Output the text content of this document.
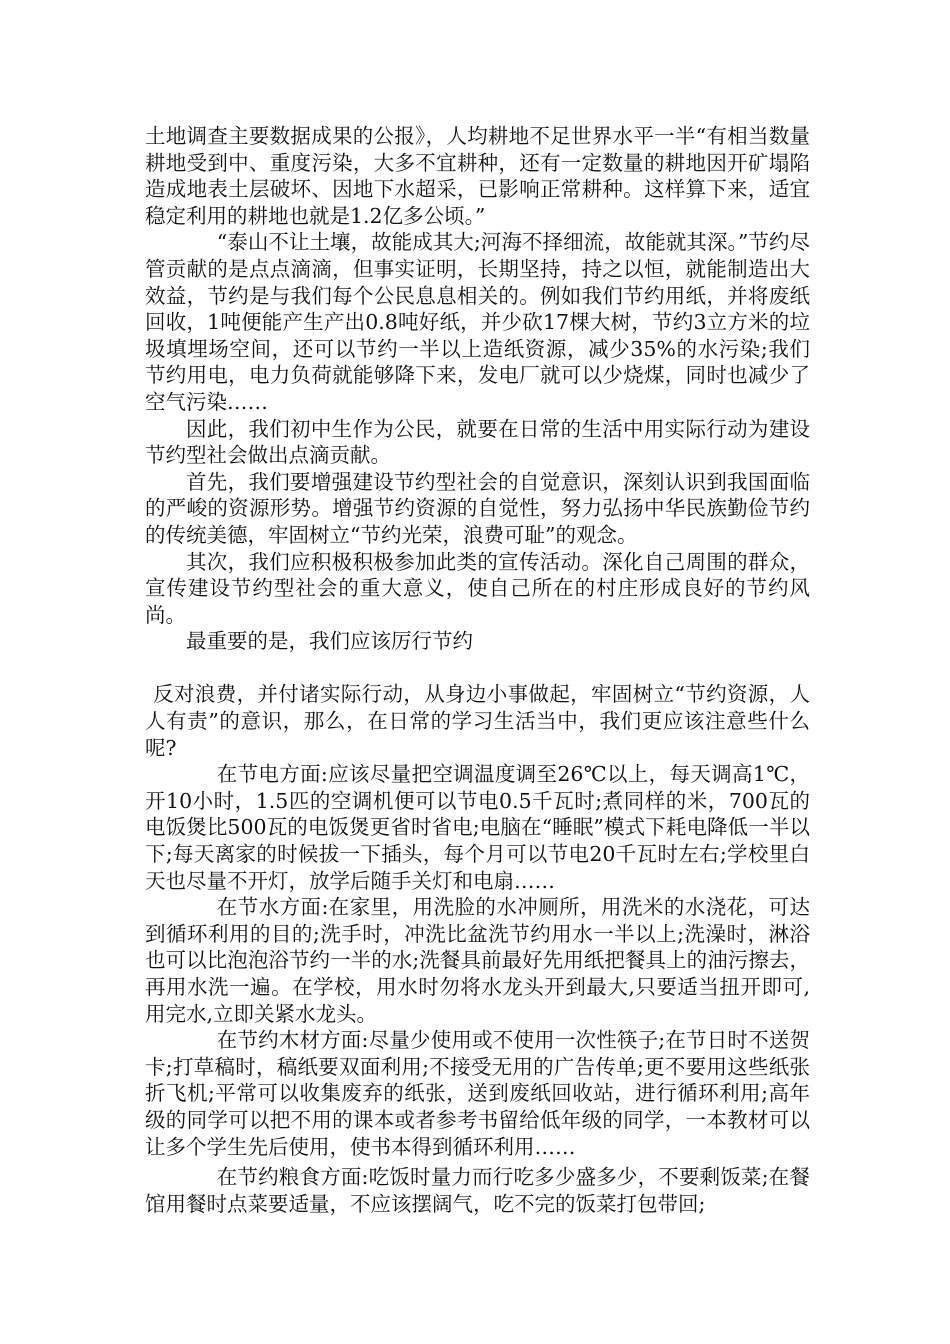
土地调查主要数据成果的公报》，人均耕地不足世界水平一半“有相当数量耕地受到中、重度污染，大多不宜耕种，还有一定数量的耕地因开矿塌陷造成地表土层破坏、因地下水超采，已影响正常耕种。这样算下来，适宜稳定利用的耕地也就是1.2亿多公顷。”

“泰山不让土壤，故能成其大;河海不择细流，故能就其深。”节约尽管贡献的是点点滴滴，但事实证明，长期坚持，持之以恒，就能制造出大效益，节约是与我们每个公民息息相关的。例如我们节约用纸，并将废纸回收，1吨便能产生产出0.8吨好纸，并少砍17棵大树，节约3立方米的垃圾填埋场空间，还可以节约一半以上造纸资源，减少35%的水污染;我们节约用电，电力负荷就能够降下来，发电厂就可以少烧煤，同时也减少了空气污染……

因此，我们初中生作为公民，就要在日常的生活中用实际行动为建设节约型社会做出点滴贡献。

首先，我们要增强建设节约型社会的自觉意识，深刻认识到我国面临的严峻的资源形势。增强节约资源的自觉性，努力弘扬中华民族勤俭节约的传统美德，牢固树立“节约光荣，浪费可耻”的观念。

其次，我们应积极积极参加此类的宣传活动。深化自己周围的群众，宣传建设节约型社会的重大意义，使自己所在的村庄形成良好的节约风尚。

最重要的是，我们应该厉行节约

反对浪费，并付诸实际行动，从身边小事做起，牢固树立“节约资源，人人有责”的意识，那么，在日常的学习生活当中，我们更应该注意些什么呢?

在节电方面:应该尽量把空调温度调至26℃以上，每天调高1℃，开10小时，1.5匹的空调机便可以节电0.5千瓦时;煮同样的米，700瓦的电饭煲比500瓦的电饭煲更省时省电;电脑在“睡眠”模式下耗电降低一半以下;每天离家的时候拔一下插头，每个月可以节电20千瓦时左右;学校里白天也尽量不开灯，放学后随手关灯和电扇……

在节水方面:在家里，用洗脸的水冲厕所，用洗米的水浇花，可达到循环利用的目的;洗手时，冲洗比盆洗节约用水一半以上;洗澡时，淋浴也可以比泡泡浴节约一半的水;洗餐具前最好先用纸把餐具上的油污擦去，再用水洗一遍。在学校，用水时勿将水龙头开到最大,只要适当扭开即可,用完水,立即关紧水龙头。

在节约木材方面:尽量少使用或不使用一次性筷子;在节日时不送贺卡;打草稿时，稿纸要双面利用;不接受无用的广告传单;更不要用这些纸张折飞机;平常可以收集废弃的纸张，送到废纸回收站，进行循环利用;高年级的同学可以把不用的课本或者参考书留给低年级的同学，一本教材可以让多个学生先后使用，使书本得到循环利用……

在节约粮食方面:吃饭时量力而行吃多少盛多少，不要剩饭菜;在餐馆用餐时点菜要适量，不应该摆阔气，吃不完的饭菜打包带回;
